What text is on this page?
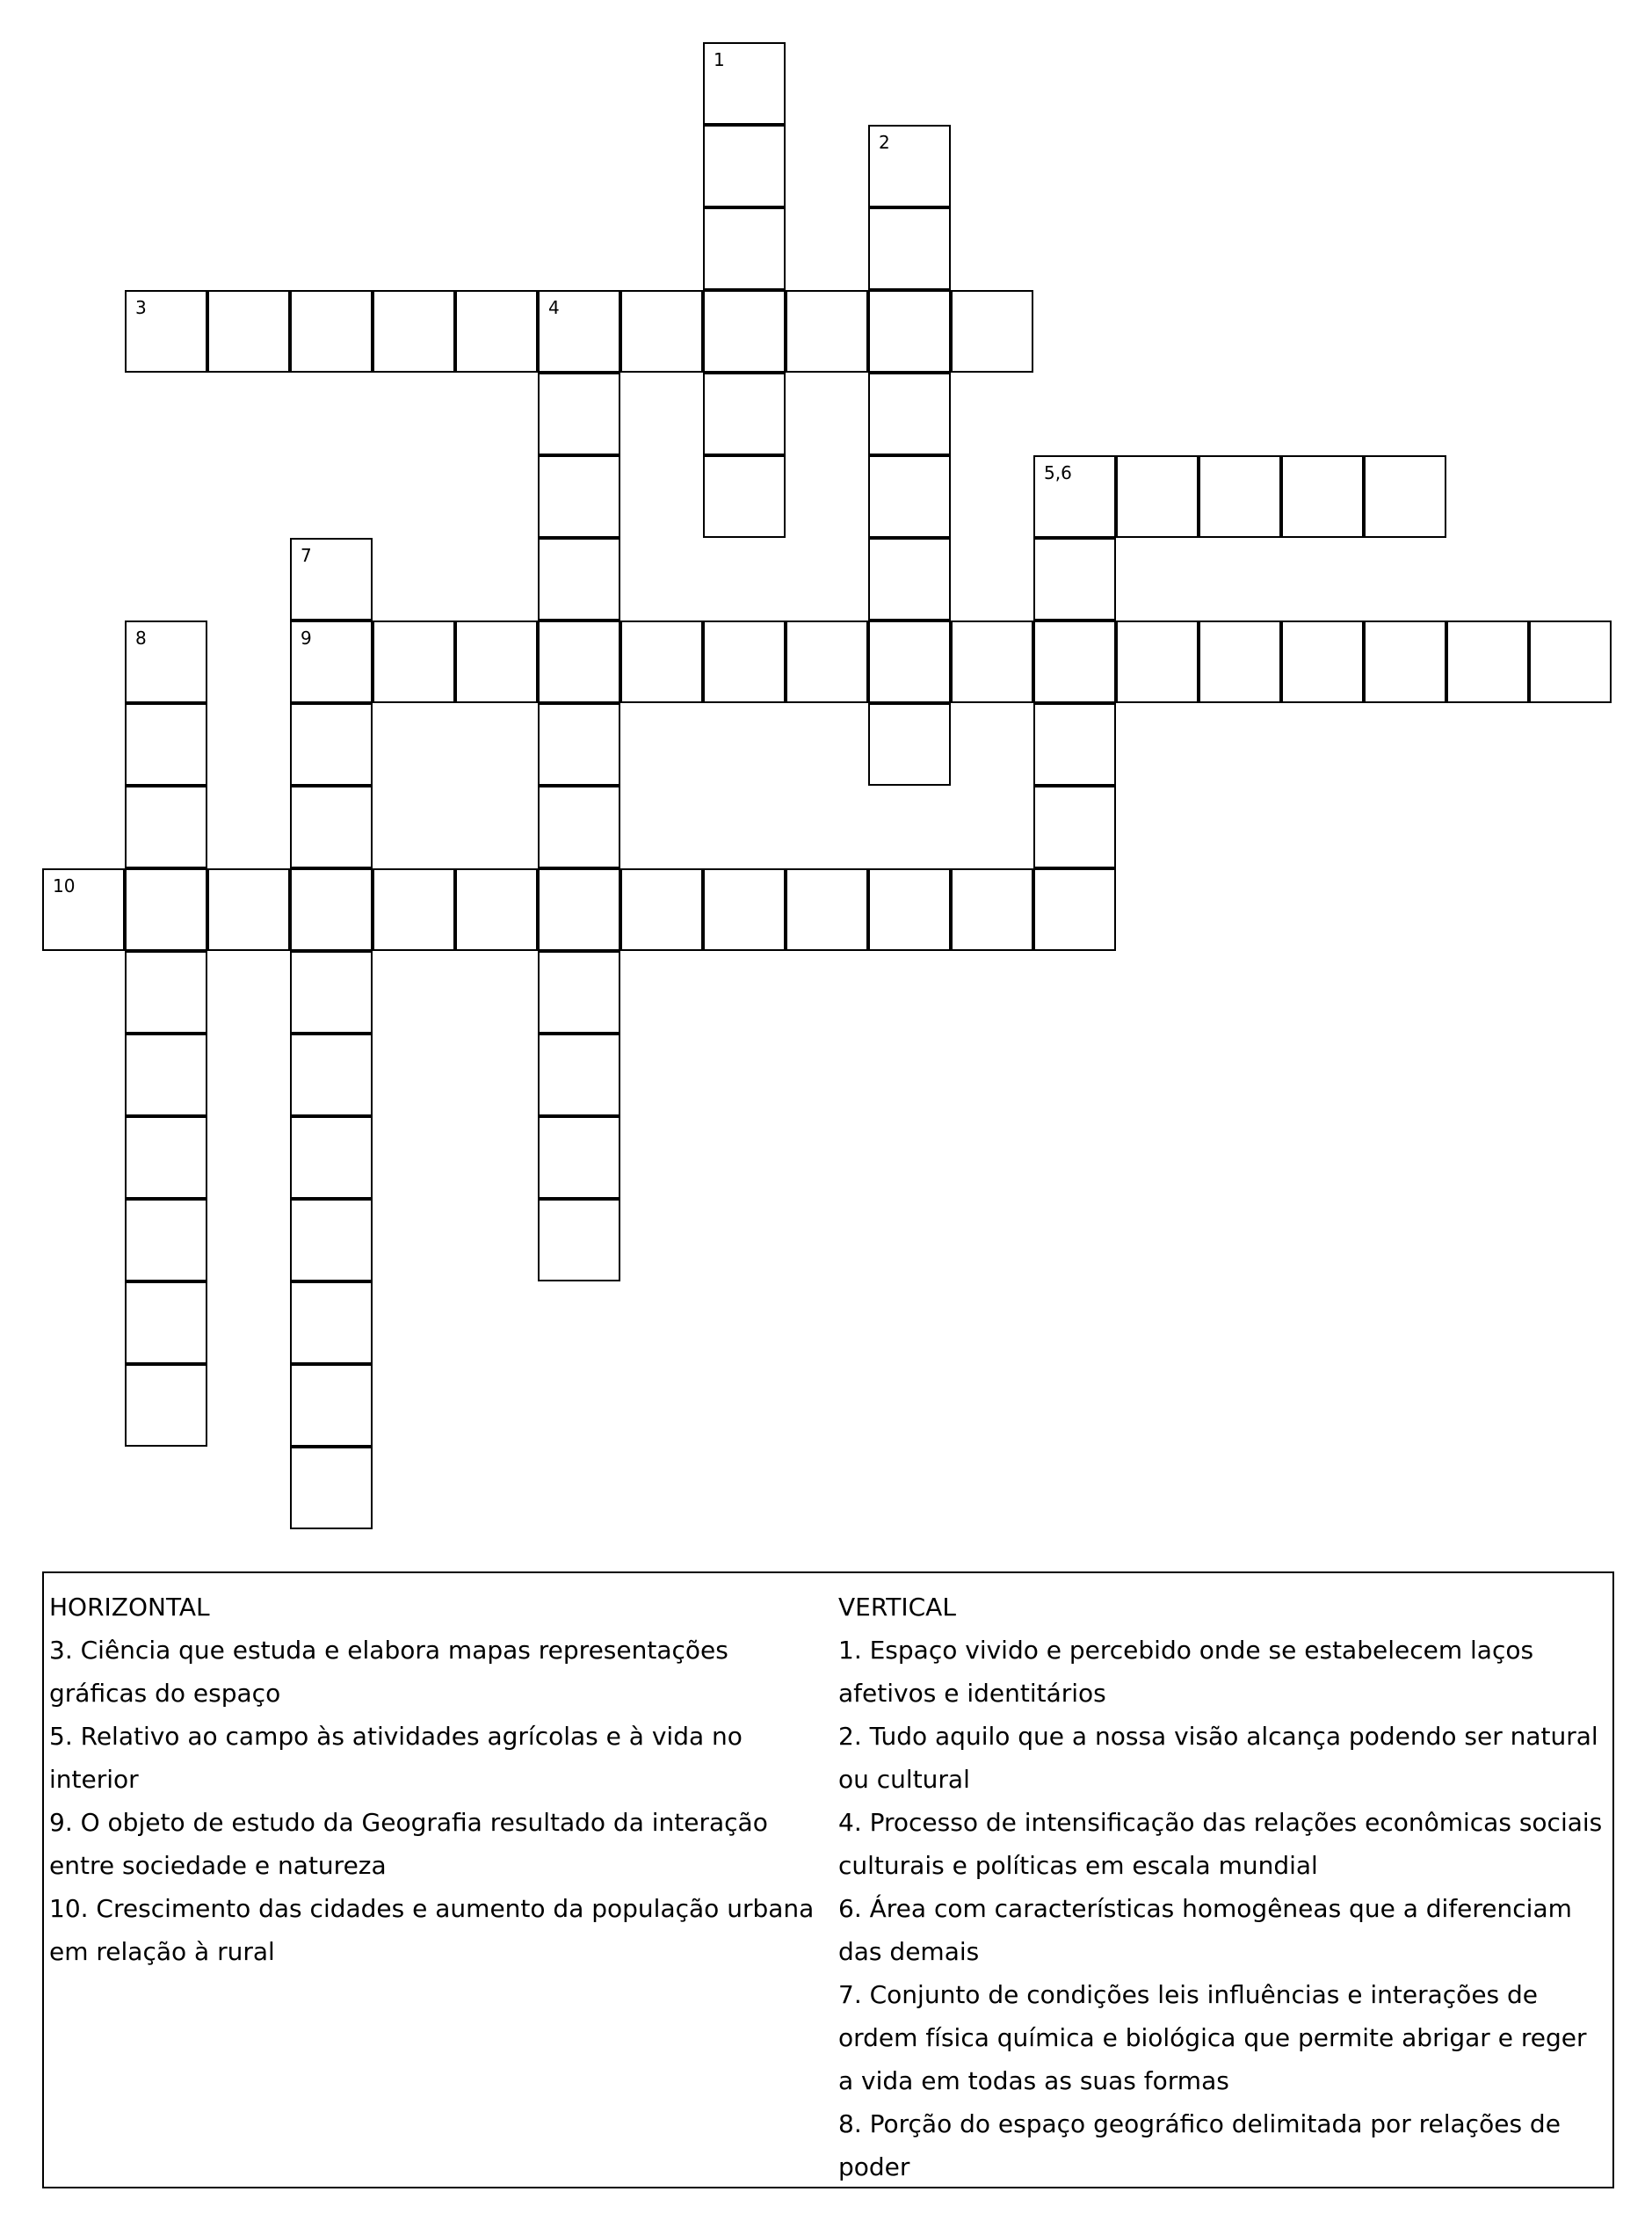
1
2
3	4
5,6
7
9
8
10

HORIZONTAL

3. Ciência que estuda e elabora mapas representações gráficas do espaço

5. Relativo ao campo às atividades agrícolas e à vida no interior

9. O objeto de estudo da Geografia resultado da interação entre sociedade e natureza

10. Crescimento das cidades e aumento da população urbana em relação à rural

VERTICAL

1. Espaço vivido e percebido onde se estabelecem laços afetivos e identitários

2. Tudo aquilo que a nossa visão alcança podendo ser natural ou cultural

4. Processo de intensificação das relações econômicas sociais culturais e políticas em escala mundial

6. Área com características homogêneas que a diferenciam das demais

7. Conjunto de condições leis influências e interações de ordem física química e biológica que permite abrigar e reger a vida em todas as suas formas

8. Porção do espaço geográfico delimitada por relações de poder
